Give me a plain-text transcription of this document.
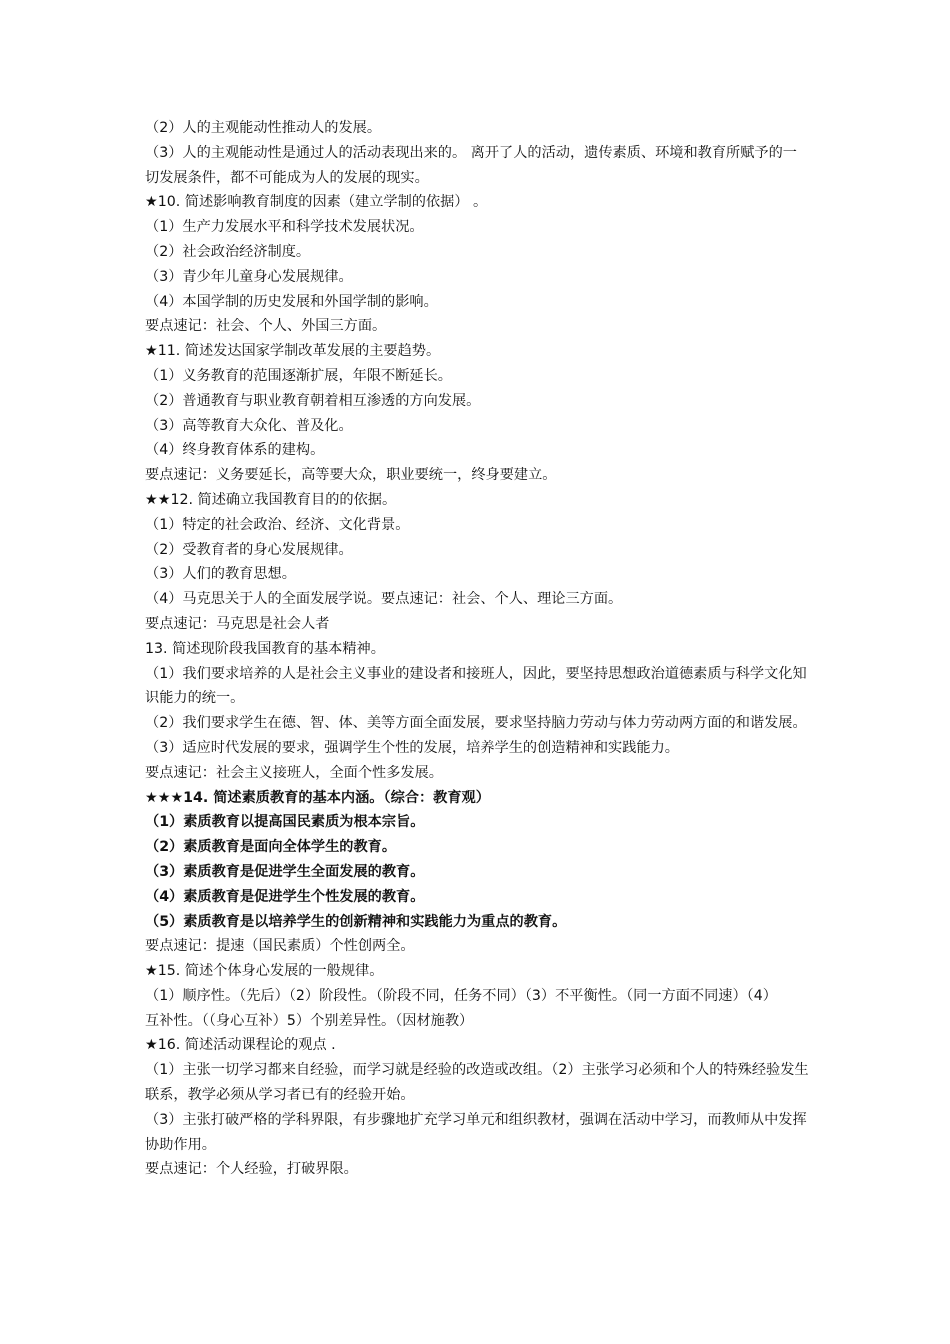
（2）人的主观能动性推动人的发展。

（3）人的主观能动性是通过人的活动表现出来的。 离开了人的活动，遗传素质、环境和教育所赋予的一切发展条件，都不可能成为人的发展的现实。

★10. 简述影响教育制度的因素（建立学制的依据） 。

（1）生产力发展水平和科学技术发展状况。

（2）社会政治经济制度。

（3）青少年儿童身心发展规律。

（4）本国学制的历史发展和外国学制的影响。

要点速记：社会、个人、外国三方面。

★11. 简述发达国家学制改革发展的主要趋势。

（1）义务教育的范围逐渐扩展，年限不断延长。

（2）普通教育与职业教育朝着相互渗透的方向发展。

（3）高等教育大众化、普及化。

（4）终身教育体系的建构。

要点速记：义务要延长，高等要大众，职业要统一，终身要建立。

★★12. 简述确立我国教育目的的依据。

（1）特定的社会政治、经济、文化背景。

（2）受教育者的身心发展规律。

（3）人们的教育思想。

（4）马克思关于人的全面发展学说。要点速记：社会、个人、理论三方面。

要点速记：马克思是社会人者

13. 简述现阶段我国教育的基本精神。

（1）我们要求培养的人是社会主义事业的建设者和接班人，因此，要坚持思想政治道德素质与科学文化知识能力的统一。

（2）我们要求学生在德、智、体、美等方面全面发展，要求坚持脑力劳动与体力劳动两方面的和谐发展。

（3）适应时代发展的要求，强调学生个性的发展，培养学生的创造精神和实践能力。

要点速记：社会主义接班人，全面个性多发展。

★★★14. 简述素质教育的基本内涵。（综合：教育观）

（1）素质教育以提高国民素质为根本宗旨。

（2）素质教育是面向全体学生的教育。

（3）素质教育是促进学生全面发展的教育。

（4）素质教育是促进学生个性发展的教育。

（5）素质教育是以培养学生的创新精神和实践能力为重点的教育。

要点速记：提速（国民素质）个性创两全。

★15. 简述个体身心发展的一般规律。

（1）顺序性。（先后）（2）阶段性。（阶段不同，任务不同）（3）不平衡性。（同一方面不同速）（4）　　互补性。（（身心互补）5）个别差异性。（因材施教）

★16. 简述活动课程论的观点 .

（1）主张一切学习都来自经验，而学习就是经验的改造或改组。（2）主张学习必须和个人的特殊经验发生联系，教学必须从学习者已有的经验开始。

（3）主张打破严格的学科界限，有步骤地扩充学习单元和组织教材，强调在活动中学习，而教师从中发挥协助作用。

要点速记：个人经验，打破界限。
